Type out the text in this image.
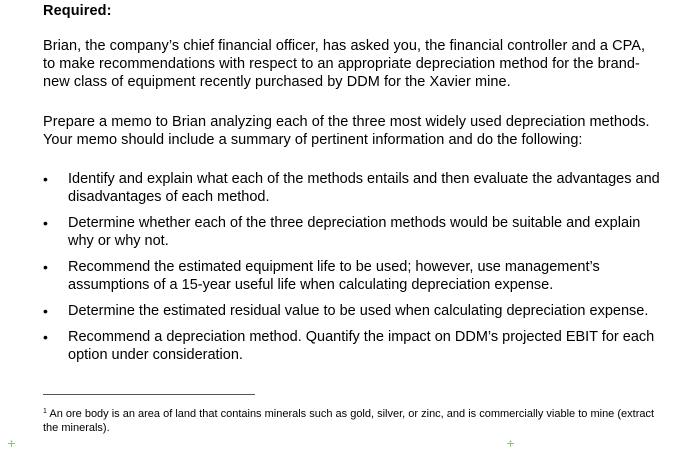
Required:
Brian, the company’s chief financial officer, has asked you, the financial controller and a CPA, to make recommendations with respect to an appropriate depreciation method for the brand-new class of equipment recently purchased by DDM for the Xavier mine.
Prepare a memo to Brian analyzing each of the three most widely used depreciation methods. Your memo should include a summary of pertinent information and do the following:
•	Identify and explain what each of the methods entails and then evaluate the advantages and disadvantages of each method.
•	Determine whether each of the three depreciation methods would be suitable and explain why or why not.
•	Recommend the estimated equipment life to be used; however, use management’s assumptions of a 15-year useful life when calculating depreciation expense.
•	Determine the estimated residual value to be used when calculating depreciation expense.
•	Recommend a depreciation method. Quantify the impact on DDM’s projected EBIT for each option under consideration.
$^1$ An ore body is an area of land that contains minerals such as gold, silver, or zinc, and is commercially viable to mine (extract the minerals).
